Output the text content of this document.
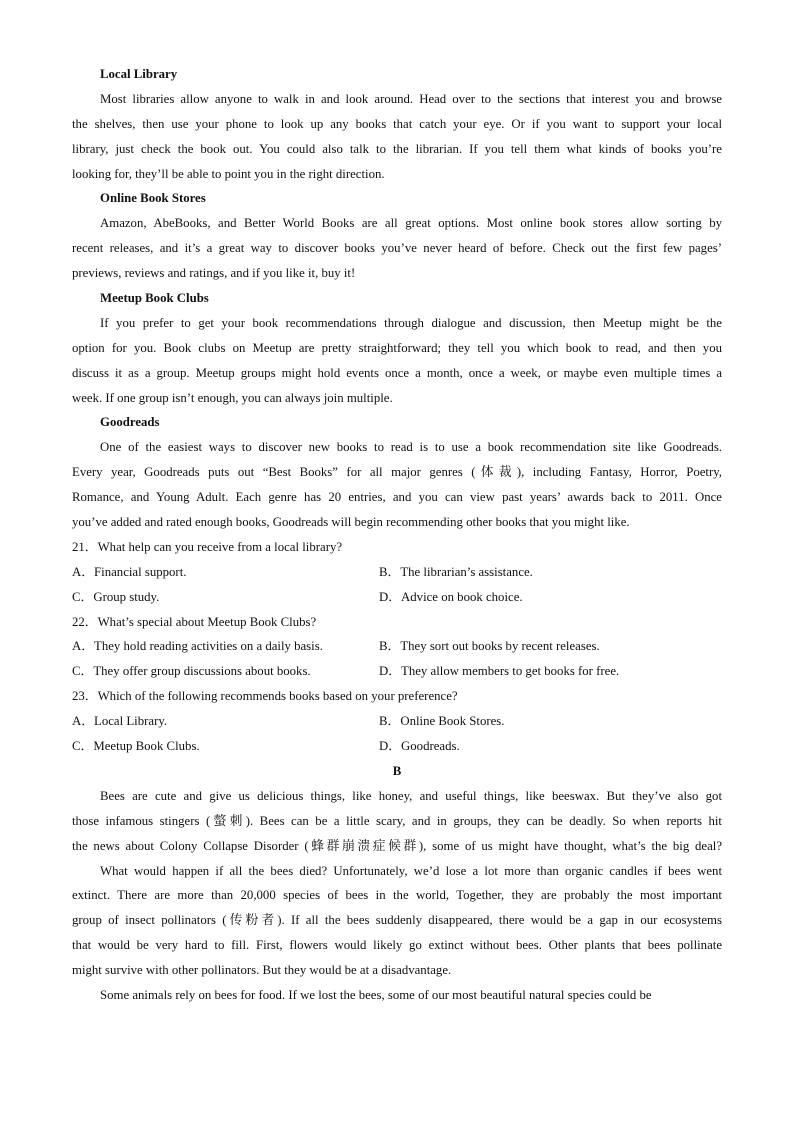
Local Library
Most libraries allow anyone to walk in and look around. Head over to the sections that interest you and browse
the shelves, then use your phone to look up any books that catch your eye. Or if you want to support your local
library, just check the book out. You could also talk to the librarian. If you tell them what kinds of books you’re
looking for, they’ll be able to point you in the right direction.
Online Book Stores
Amazon, AbeBooks, and Better World Books are all great options. Most online book stores allow sorting by
recent releases, and it’s a great way to discover books you’ve never heard of before. Check out the first few pages’
previews, reviews and ratings, and if you like it, buy it!
Meetup Book Clubs
If you prefer to get your book recommendations through dialogue and discussion, then Meetup might be the
option for you. Book clubs on Meetup are pretty straightforward; they tell you which book to read, and then you
discuss it as a group. Meetup groups might hold events once a month, once a week, or maybe even multiple times a
week. If one group isn’t enough, you can always join multiple.
Goodreads
One of the easiest ways to discover new books to read is to use a book recommendation site like Goodreads.
Every year, Goodreads puts out “Best Books” for all major genres (体裁), including Fantasy, Horror, Poetry,
Romance, and Young Adult. Each genre has 20 entries, and you can view past years’ awards back to 2011. Once
you’ve added and rated enough books, Goodreads will begin recommending other books that you might like.
21．What help can you receive from a local library?
A．Financial support.	B．The librarian’s assistance.
C．Group study.	D．Advice on book choice.
22．What’s special about Meetup Book Clubs?
A．They hold reading activities on a daily basis.	B．They sort out books by recent releases.
C．They offer group discussions about books.	D．They allow members to get books for free.
23．Which of the following recommends books based on your preference?
A．Local Library.	B．Online Book Stores.
C．Meetup Book Clubs.	D．Goodreads.
B
Bees are cute and give us delicious things, like honey, and useful things, like beeswax. But they’ve also got
those infamous stingers (螫刺). Bees can be a little scary, and in groups, they can be deadly. So when reports hit
the news about Colony Collapse Disorder (蜂群崩溃症候群), some of us might have thought, what’s the big deal?
What would happen if all the bees died? Unfortunately, we’d lose a lot more than organic candles if bees went
extinct. There are more than 20,000 species of bees in the world, Together, they are probably the most important
group of insect pollinators (传粉者). If all the bees suddenly disappeared, there would be a gap in our ecosystems
that would be very hard to fill. First, flowers would likely go extinct without bees. Other plants that bees pollinate
might survive with other pollinators. But they would be at a disadvantage.
Some animals rely on bees for food. If we lost the bees, some of our most beautiful natural species could be
